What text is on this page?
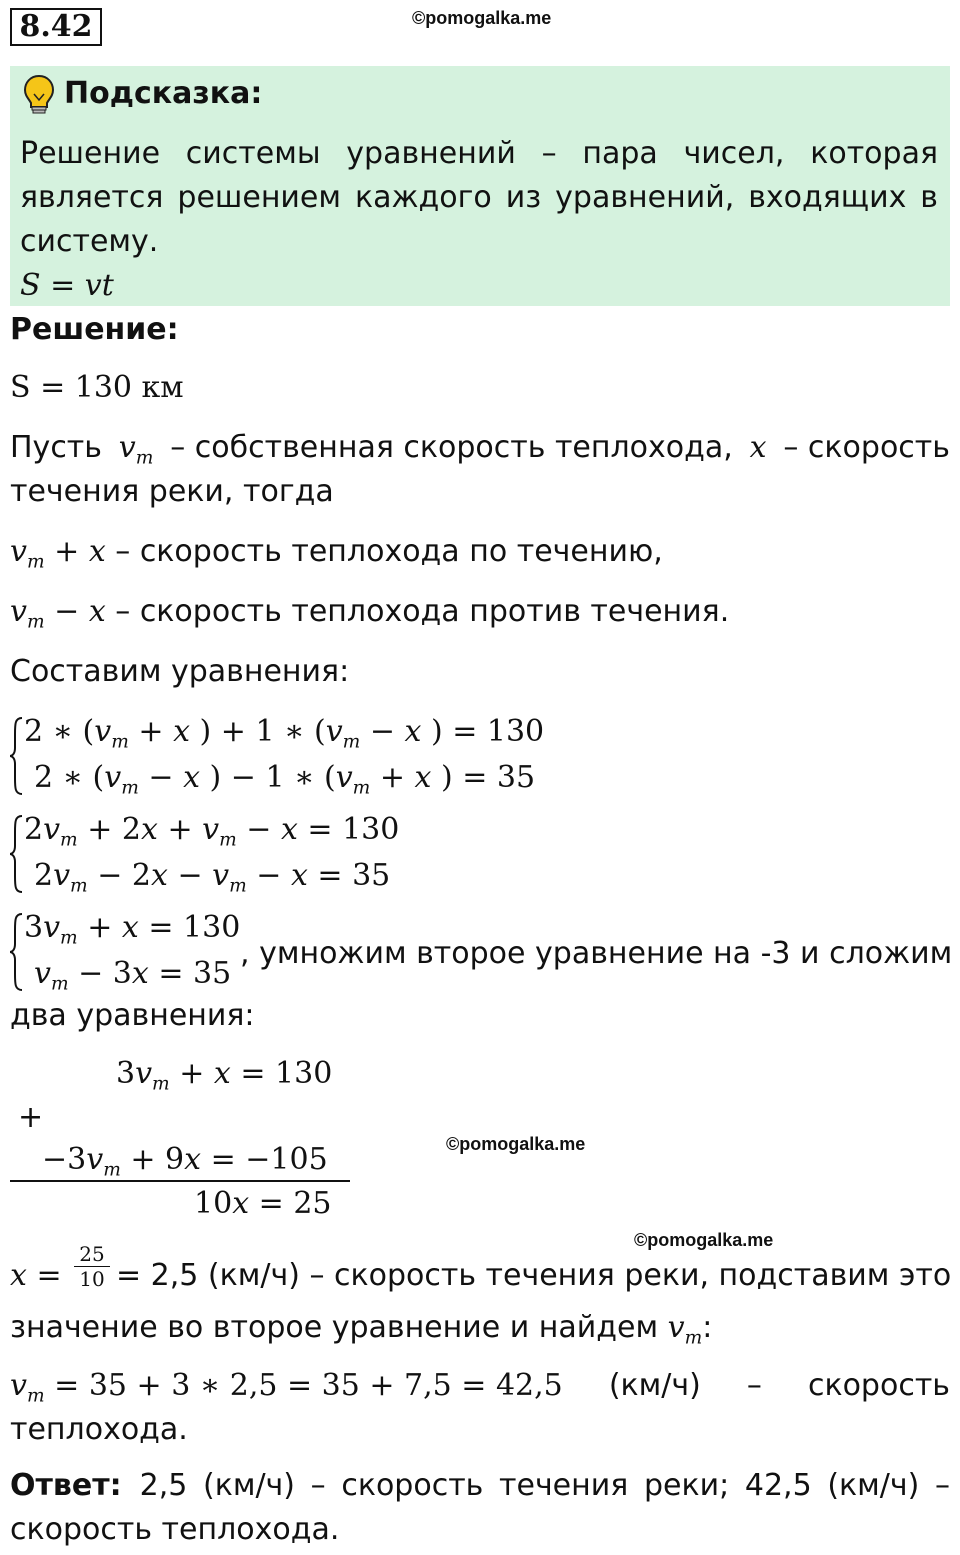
8.42	©pomogalka.me
Подсказка:
Решение системы уравнений – пара чисел, которая
является решением каждого из уравнений, входящих в
систему.
S = vt
Решение:
S = 130 км
Пусть $v_т$ – собственная скорость теплохода, x – скорость
течения реки, тогда
$v_т + x$ – скорость теплохода по течению,
$v_т - x$ – скорость теплохода против течения.
Составим уравнения:
2 ∗ ($v_т + x$ ) + 1 ∗ ($v_т - x$ ) = 130
2 ∗ ($v_т - x$ ) − 1 ∗ ($v_т + x$ ) = 35
$2v_т + 2x + v_т - x = 130$
$2v_т - 2x - v_т - x = 35$
$3v_т + x = 130$
$v_т - 3x = 35$
, умножим второе уравнение на -3 и сложим
два уравнения:
$3v_т + x = 130$
+
$-3v_т + 9x = -105$
10x = 25
©pomogalka.me
©pomogalka.me
$x = \frac{25}{10} = 2,5$ (км/ч) – скорость течения реки, подставим это
значение во второе уравнение и найдем $v_т$:
$v_т = 35 + 3$ ∗ 2,5 = 35 + 7,5 = 42,5 (км/ч) – скорость
теплохода.
Ответ: 2,5 (км/ч) – скорость течения реки; 42,5 (км/ч) –
скорость теплохода.
